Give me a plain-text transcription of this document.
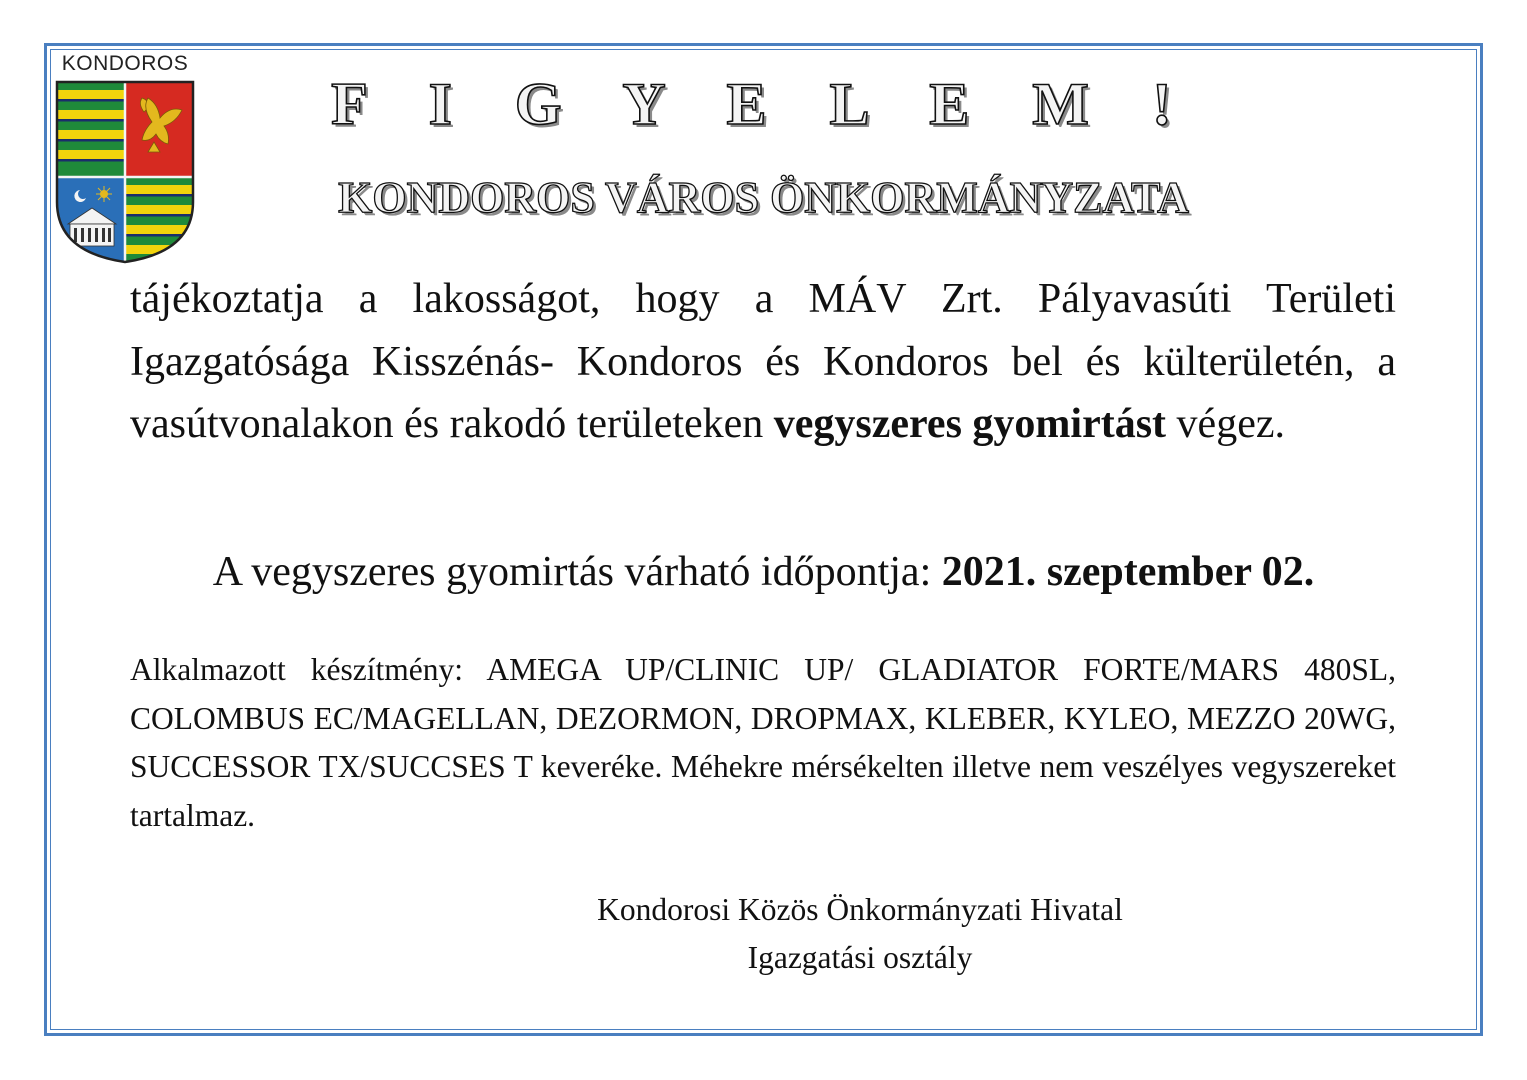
KONDOROS
F I G Y E L E M !
KONDOROS VÁROS ÖNKORMÁNYZATA
tájékoztatja a lakosságot, hogy a MÁV Zrt. Pályavasúti Területi Igazgatósága Kisszénás- Kondoros és Kondoros bel és külterületén, a vasútvonalakon és rakodó területeken vegyszeres gyomirtást végez.
A vegyszeres gyomirtás várható időpontja: 2021. szeptember 02.
Alkalmazott készítmény: AMEGA UP/CLINIC UP/ GLADIATOR FORTE/MARS 480SL, COLOMBUS EC/MAGELLAN, DEZORMON, DROPMAX, KLEBER, KYLEO, MEZZO 20WG, SUCCESSOR TX/SUCCSES T keveréke. Méhekre mérsékelten illetve nem veszélyes vegyszereket tartalmaz.
Kondorosi Közös Önkormányzati Hivatal
Igazgatási osztály
